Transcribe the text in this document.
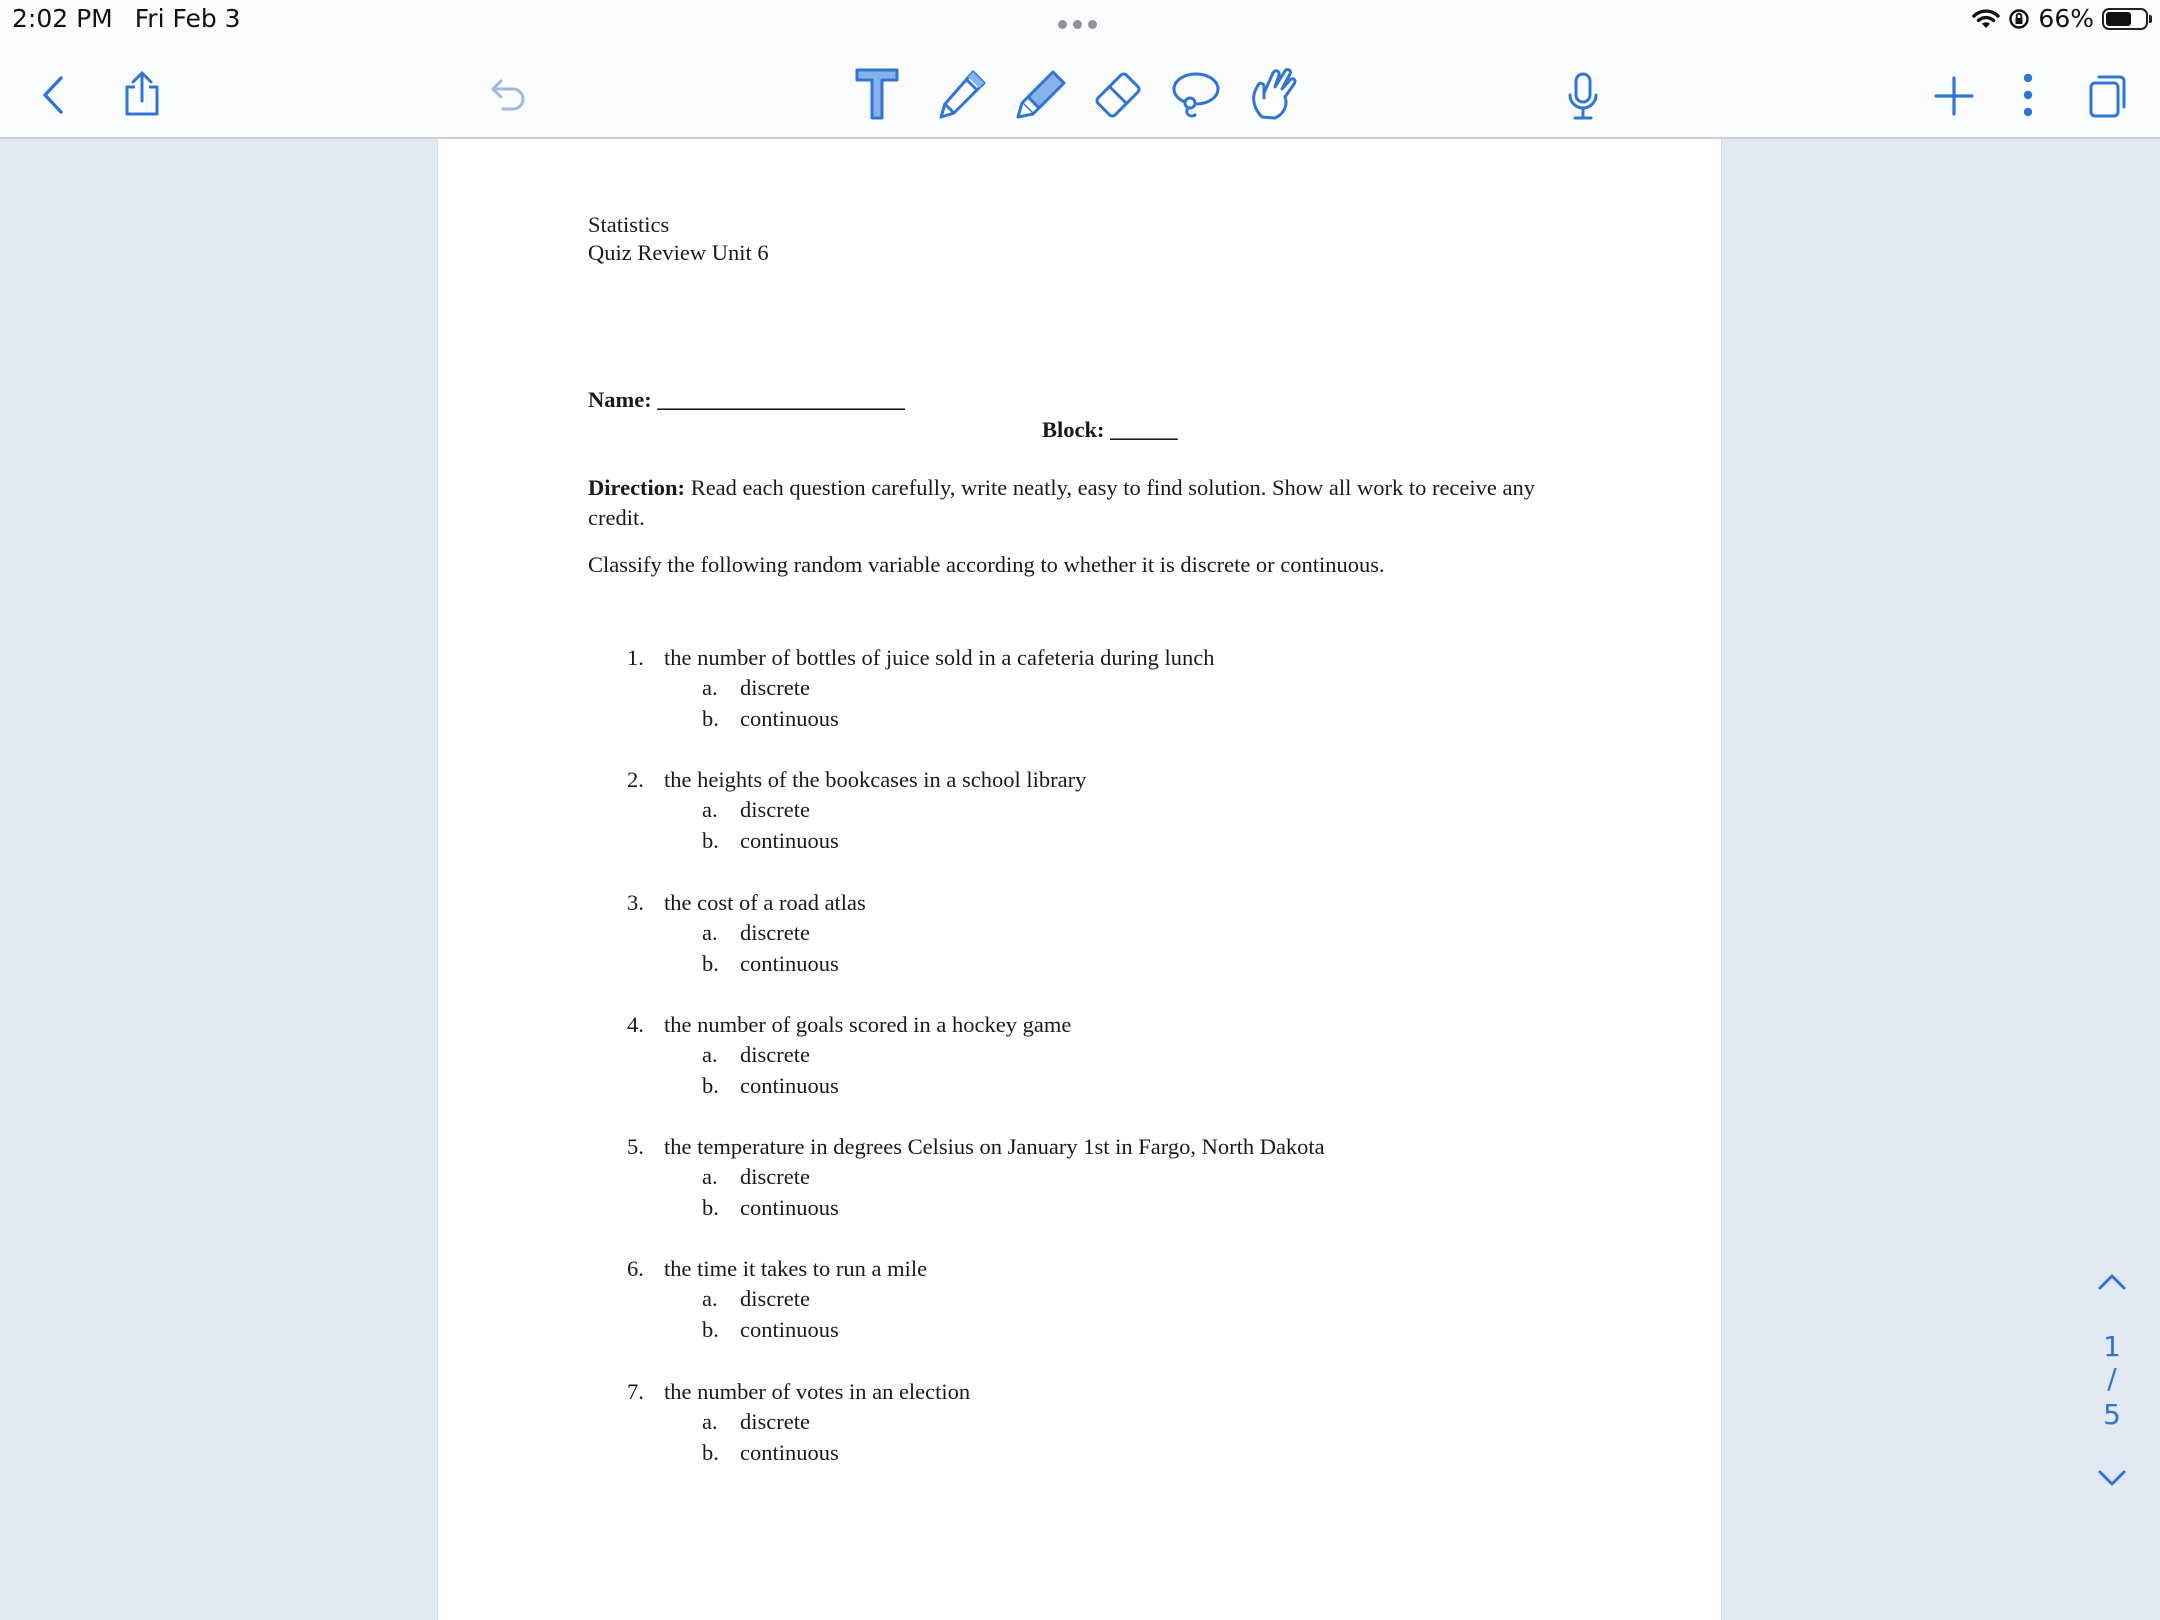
2:02 PM Fri Feb 3	66%
Statistics
Quiz Review Unit 6
Name: ______________________
Block: ______
Direction: Read each question carefully, write neatly, easy to find solution. Show all work to receive any credit.
Classify the following random variable according to whether it is discrete or continuous.
1. the number of bottles of juice sold in a cafeteria during lunch
a. discrete
b. continuous
2. the heights of the bookcases in a school library
a. discrete
b. continuous
3. the cost of a road atlas
a. discrete
b. continuous
4. the number of goals scored in a hockey game
a. discrete
b. continuous
5. the temperature in degrees Celsius on January 1st in Fargo, North Dakota
a. discrete
b. continuous
6. the time it takes to run a mile
a. discrete
b. continuous
7. the number of votes in an election
a. discrete
b. continuous
1
/
5
